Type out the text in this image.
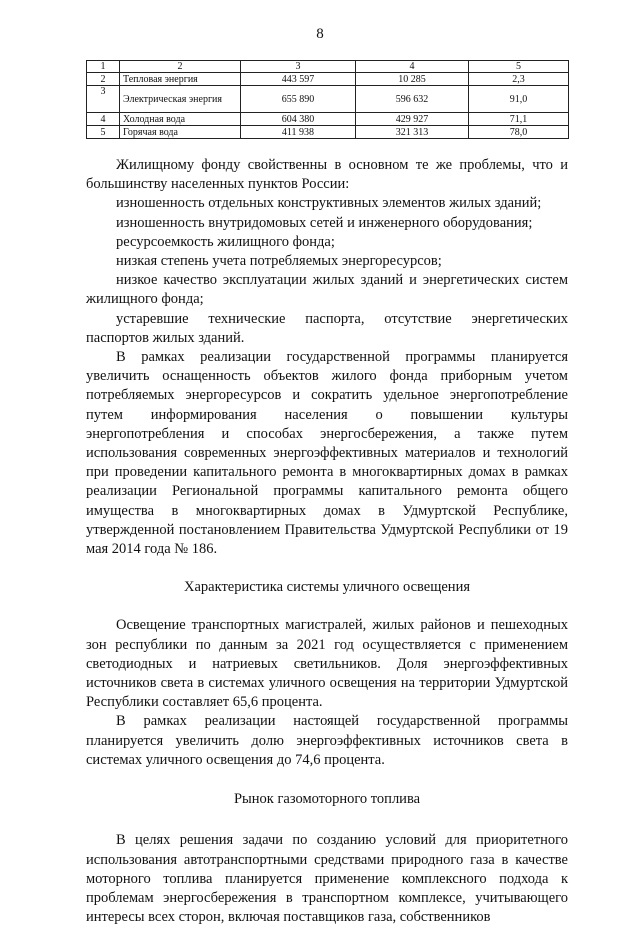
8
1	2	3	4	5
2	Тепловая энергия	443 597	10 285	2,3
3	Электрическая энергия	655 890	596 632	91,0
4	Холодная вода	604 380	429 927	71,1
5	Горячая вода	411 938	321 313	78,0

Жилищному фонду свойственны в основном те же проблемы, что и большинству населенных пунктов России:

изношенность отдельных конструктивных элементов жилых зданий;

изношенность внутридомовых сетей и инженерного оборудования;

ресурсоемкость жилищного фонда;

низкая степень учета потребляемых энергоресурсов;

низкое качество эксплуатации жилых зданий и энергетических систем жилищного фонда;

устаревшие технические паспорта, отсутствие энергетических паспортов жилых зданий.

В рамках реализации государственной программы планируется увеличить оснащенность объектов жилого фонда приборным учетом потребляемых энергоресурсов и сократить удельное энергопотребление путем информирования населения о повышении культуры энергопотребления и способах энергосбережения, а также путем использования современных энергоэффективных материалов и технологий при проведении капитального ремонта в многоквартирных домах в рамках реализации Региональной программы капитального ремонта общего имущества в многоквартирных домах в Удмуртской Республике, утвержденной постановлением Правительства Удмуртской Республики от 19 мая 2014 года № 186.

Характеристика системы уличного освещения

Освещение транспортных магистралей, жилых районов и пешеходных зон республики по данным за 2021 год осуществляется с применением светодиодных и натриевых светильников. Доля энергоэффективных источников света в системах уличного освещения на территории Удмуртской Республики составляет 65,6 процента.

В рамках реализации настоящей государственной программы планируется увеличить долю энергоэффективных источников света в системах уличного освещения до 74,6 процента.

Рынок газомоторного топлива

В целях решения задачи по созданию условий для приоритетного использования автотранспортными средствами природного газа в качестве моторного топлива планируется применение комплексного подхода к проблемам энергосбережения в транспортном комплексе, учитывающего интересы всех сторон, включая поставщиков газа, собственников
